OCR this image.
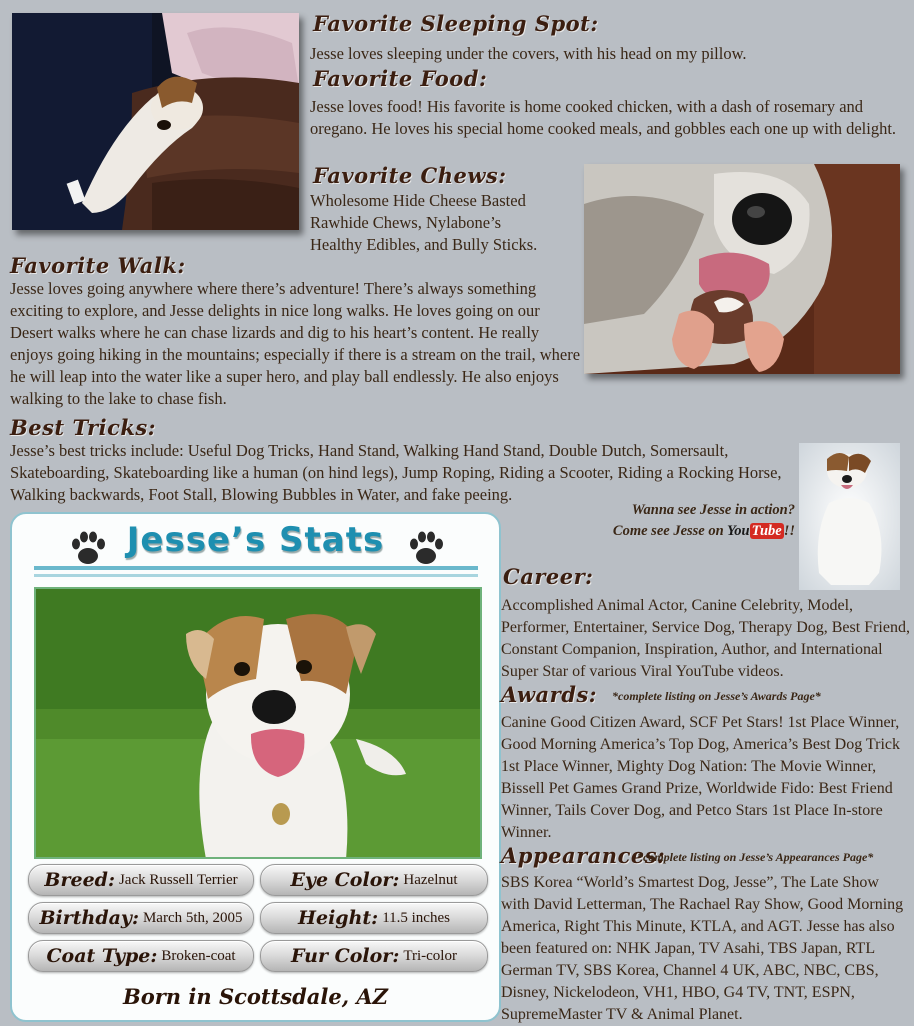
Favorite Sleeping Spot:

Jesse loves sleeping under the covers, with his head on my pillow.

Favorite Food:

Jesse loves food! His favorite is home cooked chicken, with a dash of rosemary and oregano. He loves his special home cooked meals, and gobbles each one up with delight.

Favorite Chews:
Wholesome Hide Cheese Basted
Rawhide Chews, Nylabone’s
Healthy Edibles, and Bully Sticks.
Favorite Walk:

Jesse loves going anywhere where there’s adventure! There’s always something exciting to explore, and Jesse delights in nice long walks. He loves going on our Desert walks where he can chase lizards and dig to his heart’s content. He really enjoys going hiking in the mountains; especially if there is a stream on the trail, where he will leap into the water like a super hero, and play ball endlessly. He also enjoys walking to the lake to chase fish.

Best Tricks:

Jesse’s best tricks include: Useful Dog Tricks, Hand Stand, Walking Hand Stand, Double Dutch, Somersault, Skateboarding, Skateboarding like a human (on hind legs), Jump Roping, Riding a Scooter, Riding a Rocking Horse, Walking backwards, Foot Stall, Blowing Bubbles in Water, and fake peeing.

Wanna see Jesse in action?
Come see Jesse on You Tube !!
Jesse’s Stats
Breed: Jack Russell Terrier	Eye Color: Hazelnut
Birthday: March 5th, 2005	Height: 11.5 inches
Coat Type: Broken-coat	Fur Color: Tri-color
Born in Scottsdale, AZ
Career:

Accomplished Animal Actor, Canine Celebrity, Model, Performer, Entertainer, Service Dog, Therapy Dog, Best Friend, Constant Companion, Inspiration, Author, and International Super Star of various Viral YouTube videos.

Awards: *complete listing on Jesse’s Awards Page*

Canine Good Citizen Award, SCF Pet Stars! 1st Place Winner, Good Morning America’s Top Dog, America’s Best Dog Trick 1st Place Winner, Mighty Dog Nation: The Movie Winner, Bissell Pet Games Grand Prize, Worldwide Fido: Best Friend Winner, Tails Cover Dog, and Petco Stars 1st Place In-store Winner.

Appearances:
*complete listing on Jesse’s Appearances Page*

SBS Korea “World’s Smartest Dog, Jesse”, The Late Show with David Letterman, The Rachael Ray Show, Good Morning America, Right This Minute, KTLA, and AGT. Jesse has also been featured on: NHK Japan, TV Asahi, TBS Japan, RTL German TV, SBS Korea, Channel 4 UK, ABC, NBC, CBS, Disney, Nickelodeon, VH1, HBO, G4 TV, TNT, ESPN, SupremeMaster TV & Animal Planet.
